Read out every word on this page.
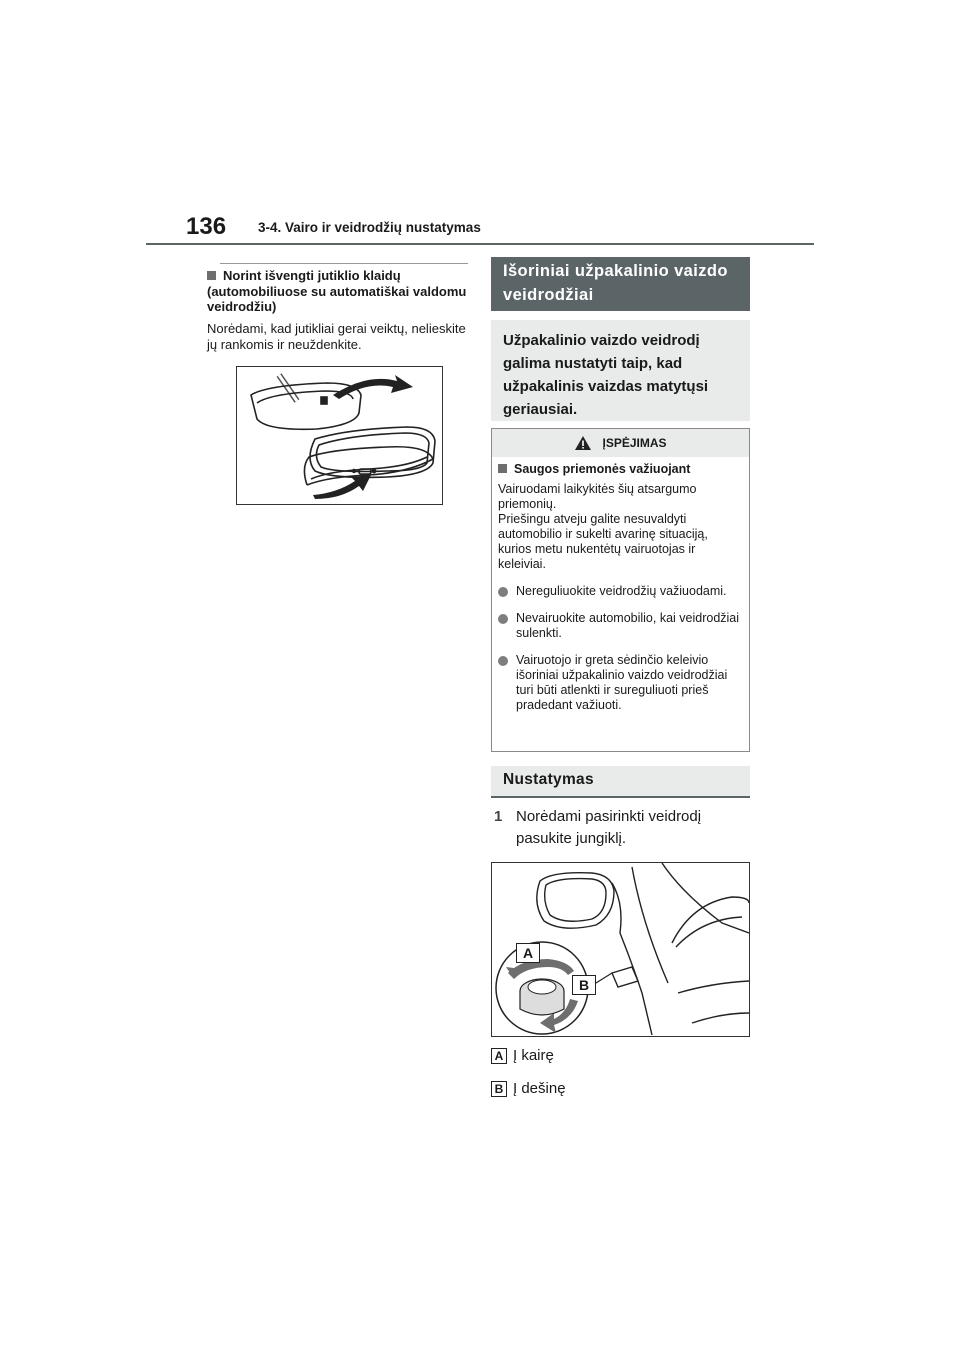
136 3-4. Vairo ir veidrodžių nustatymas
Norint išvengti jutiklio klaidų (automobiliuose su automatiškai valdomu veidrodžiu)
Norėdami, kad jutikliai gerai veiktų, nelieskite jų rankomis ir neuždenkite.
Išoriniai užpakalinio vaizdo veidrodžiai
Užpakalinio vaizdo veidrodį galima nustatyti taip, kad užpakalinis vaizdas matytųsi geriausiai.
ĮSPĖJIMAS
Saugos priemonės važiuojant
Vairuodami laikykitės šių atsargumo priemonių.
Priešingu atveju galite nesuvaldyti automobilio ir sukelti avarinę situaciją, kurios metu nukentėtų vairuotojas ir keleiviai.
Nereguliuokite veidrodžių važiuodami.
Nevairuokite automobilio, kai veidrodžiai sulenkti.
Vairuotojo ir greta sėdinčio keleivio išoriniai užpakalinio vaizdo veidrodžiai turi būti atlenkti ir sureguliuoti prieš pradedant važiuoti.
Nustatymas
1 Norėdami pasirinkti veidrodį pasukite jungiklį.
A
B
A Į kairę
B Į dešinę
